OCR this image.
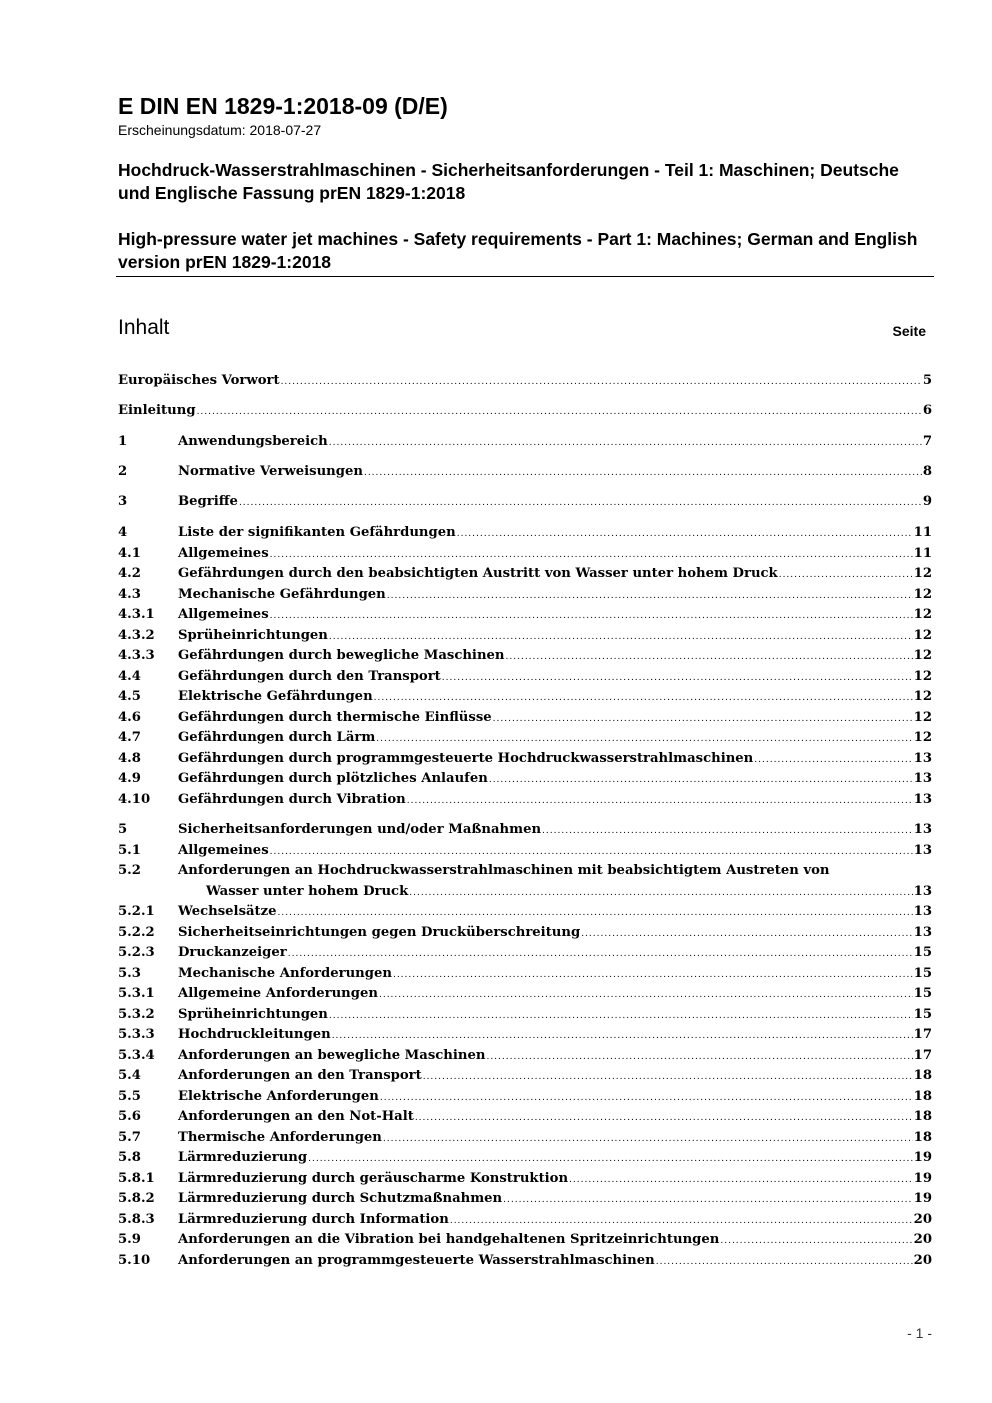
E DIN EN 1829-1:2018-09 (D/E)
Erscheinungsdatum: 2018-07-27
Hochdruck-Wasserstrahlmaschinen - Sicherheitsanforderungen - Teil 1: Maschinen; Deutsche und Englische Fassung prEN 1829-1:2018
High-pressure water jet machines - Safety requirements - Part 1: Machines; German and English version prEN 1829-1:2018
Inhalt	Seite
Europäisches Vorwort .....	5
Einleitung .....	6
1	Anwendungsbereich .....	7
2	Normative Verweisungen .....	8
3	Begriffe .....	9
4	Liste der signifikanten Gefährdungen .....	11
4.1	Allgemeines .....	11
4.2	Gefährdungen durch den beabsichtigten Austritt von Wasser unter hohem Druck .....	12
4.3	Mechanische Gefährdungen .....	12
4.3.1 Allgemeines .....	12
4.3.2 Sprüheinrichtungen .....	12
4.3.3 Gefährdungen durch bewegliche Maschinen .....	12
4.4	Gefährdungen durch den Transport .....	12
4.5	Elektrische Gefährdungen .....	12
4.6	Gefährdungen durch thermische Einflüsse .....	12
4.7	Gefährdungen durch Lärm .....	12
4.8	Gefährdungen durch programmgesteuerte Hochdruckwasserstrahlmaschinen .....	13
4.9	Gefährdungen durch plötzliches Anlaufen .....	13
4.10 Gefährdungen durch Vibration .....	13
5	Sicherheitsanforderungen und/oder Maßnahmen .....	13
5.1	Allgemeines .....	13
5.2	Anforderungen an Hochdruckwasserstrahlmaschinen mit beabsichtigtem Austreten von
Wasser unter hohem Druck .....	13
5.2.1 Wechselsätze .....	13
5.2.2 Sicherheitseinrichtungen gegen Drucküberschreitung .....	13
5.2.3 Druckanzeiger .....	15
5.3	Mechanische Anforderungen .....	15
5.3.1 Allgemeine Anforderungen .....	15
5.3.2 Sprüheinrichtungen .....	15
5.3.3 Hochdruckleitungen .....	17
5.3.4 Anforderungen an bewegliche Maschinen .....	17
5.4	Anforderungen an den Transport .....	18
5.5	Elektrische Anforderungen .....	18
5.6	Anforderungen an den Not-Halt .....	18
5.7	Thermische Anforderungen .....	18
5.8	Lärmreduzierung .....	19
5.8.1 Lärmreduzierung durch geräuscharme Konstruktion .....	19
5.8.2 Lärmreduzierung durch Schutzmaßnahmen .....	19
5.8.3 Lärmreduzierung durch Information .....	20
5.9	Anforderungen an die Vibration bei handgehaltenen Spritzeinrichtungen .....	20
5.10 Anforderungen an programmgesteuerte Wasserstrahlmaschinen .....	20
- 1 -
